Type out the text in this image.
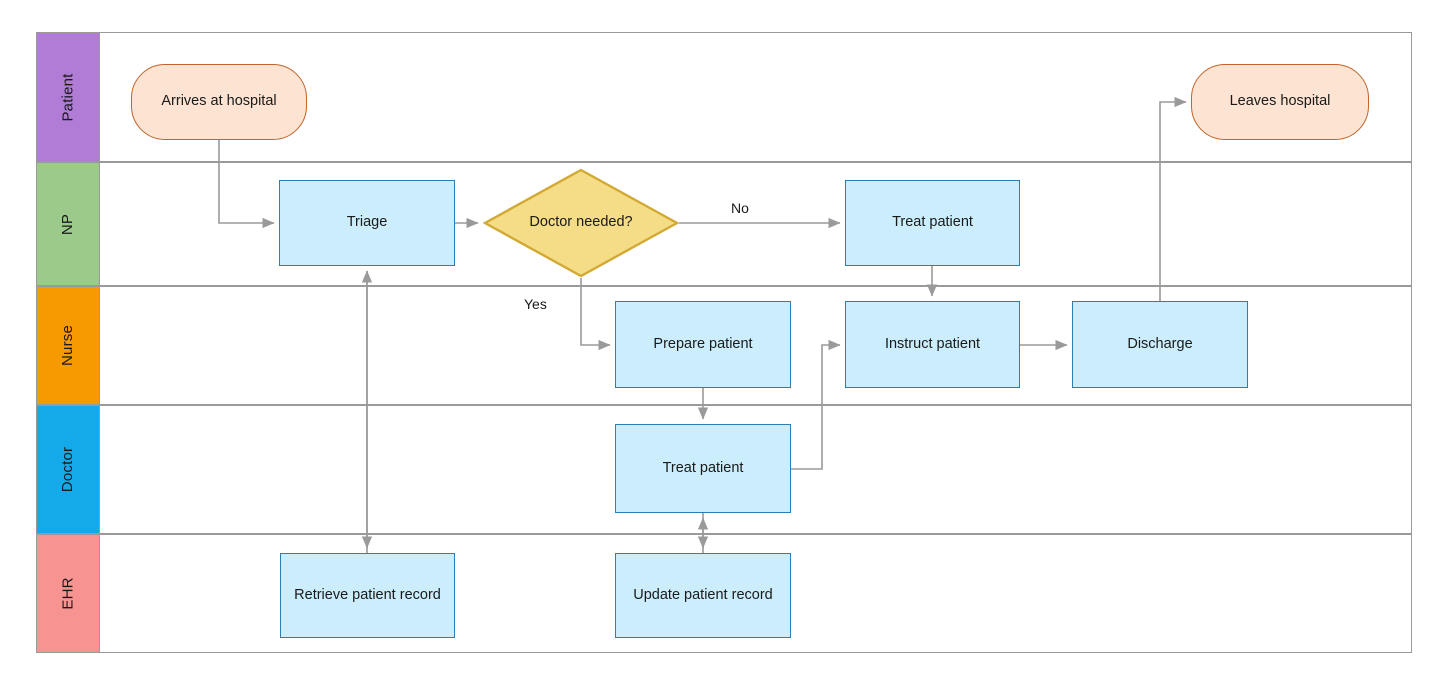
Patient
NP
Nurse
Doctor
EHR
Arrives at hospital	Leaves hospital
Triage	Doctor needed?	Treat patient
Prepare patient	Instruct patient	Discharge
Treat patient
Retrieve patient record	Update patient record
No
Yes
